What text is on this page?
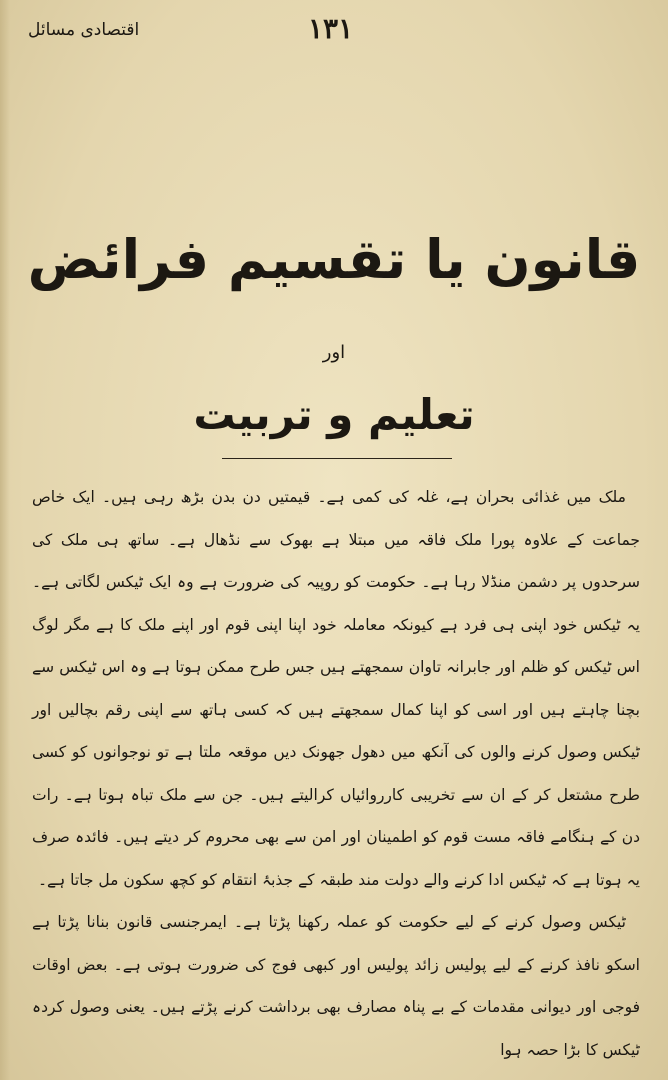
اقتصادی مسائل	۱۳۱
قانون یا تقسیم فرائض
اور
تعلیم و تربیت

ملک میں غذائی بحران ہے، غلہ کی کمی ہے۔ قیمتیں دن بدن بڑھ رہی ہیں۔ ایک خاص جماعت کے علاوہ پورا ملک فاقہ میں مبتلا ہے بھوک سے نڈھال ہے۔ ساتھ ہی ملک کی سرحدوں پر دشمن منڈلا رہا ہے۔ حکومت کو روپیہ کی ضرورت ہے وہ ایک ٹیکس لگاتی ہے۔ یہ ٹیکس خود اپنی ہی فرد ہے کیونکہ معاملہ خود اپنا اپنی قوم اور اپنے ملک کا ہے مگر لوگ اس ٹیکس کو ظلم اور جابرانہ تاوان سمجھتے ہیں جس طرح ممکن ہوتا ہے وہ اس ٹیکس سے بچنا چاہتے ہیں اور اسی کو اپنا کمال سمجھتے ہیں کہ کسی ہاتھ سے اپنی رقم بچالیں اور ٹیکس وصول کرنے والوں کی آنکھ میں دھول جھونک دیں موقعہ ملتا ہے تو نوجوانوں کو کسی طرح مشتعل کر کے ان سے تخریبی کارروائیاں کرالیتے ہیں۔ جن سے ملک تباہ ہوتا ہے۔ رات دن کے ہنگامے فاقہ مست قوم کو اطمینان اور امن سے بھی محروم کر دیتے ہیں۔ فائدہ صرف یہ ہوتا ہے کہ ٹیکس ادا کرنے والے دولت مند طبقہ کے جذبۂ انتقام کو کچھ سکون مل جاتا ہے۔

ٹیکس وصول کرنے کے لیے حکومت کو عملہ رکھنا پڑتا ہے۔ ایمرجنسی قانون بنانا پڑتا ہے اسکو نافذ کرنے کے لیے پولیس زائد پولیس اور کبھی فوج کی ضرورت ہوتی ہے۔ بعض اوقات فوجی اور دیوانی مقدمات کے بے پناہ مصارف بھی برداشت کرنے پڑتے ہیں۔ یعنی وصول کردہ ٹیکس کا بڑا حصہ ہوا
